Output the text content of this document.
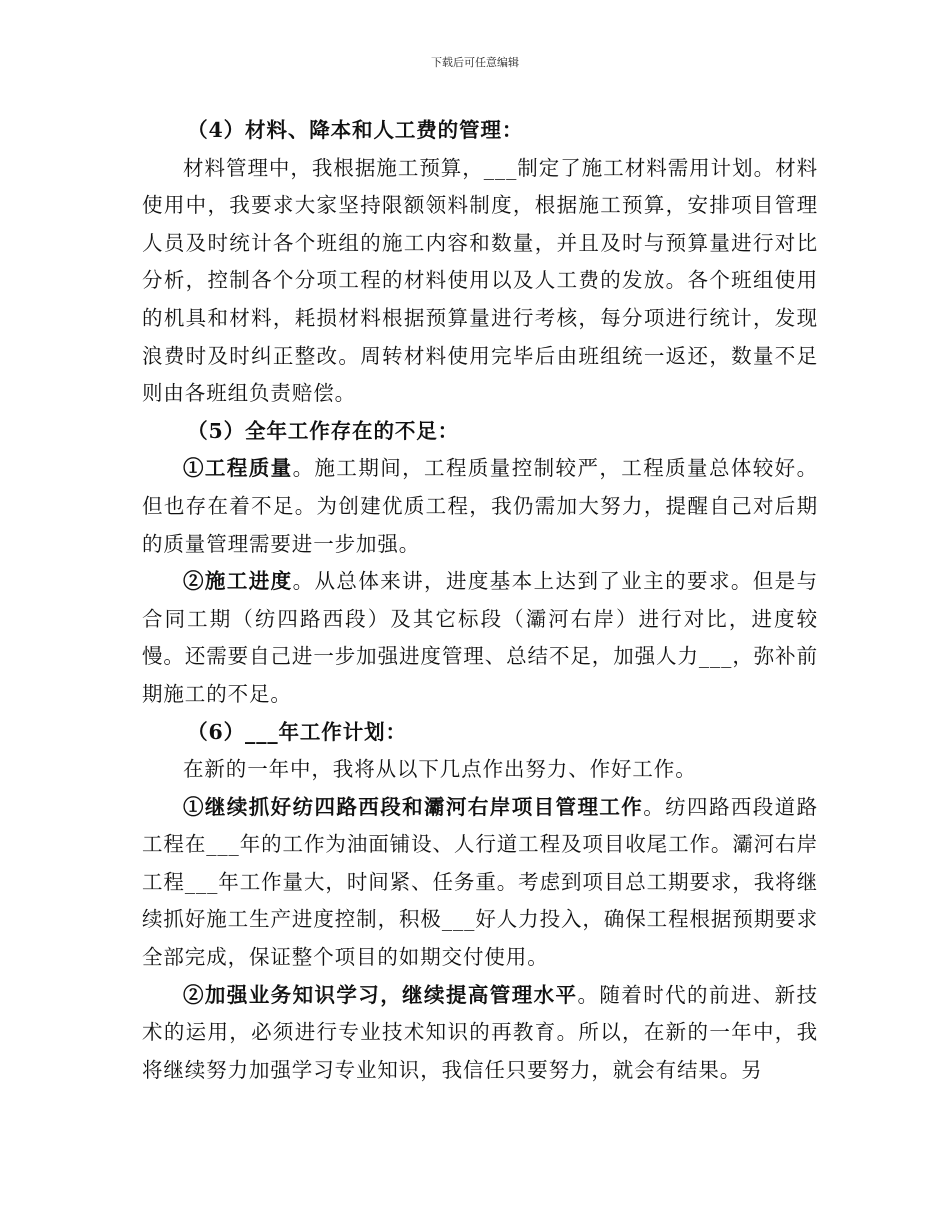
下载后可任意编辑

（4）材料、降本和人工费的管理：

材料管理中，我根据施工预算，___制定了施工材料需用计划。材料使用中，我要求大家坚持限额领料制度，根据施工预算，安排项目管理人员及时统计各个班组的施工内容和数量，并且及时与预算量进行对比分析，控制各个分项工程的材料使用以及人工费的发放。各个班组使用的机具和材料，耗损材料根据预算量进行考核，每分项进行统计，发现浪费时及时纠正整改。周转材料使用完毕后由班组统一返还，数量不足则由各班组负责赔偿。

（5）全年工作存在的不足：

①工程质量。施工期间，工程质量控制较严，工程质量总体较好。但也存在着不足。为创建优质工程，我仍需加大努力，提醒自己对后期的质量管理需要进一步加强。

②施工进度。从总体来讲，进度基本上达到了业主的要求。但是与合同工期（纺四路西段）及其它标段（灞河右岸）进行对比，进度较慢。还需要自己进一步加强进度管理、总结不足，加强人力___，弥补前期施工的不足。

（6）___年工作计划：

在新的一年中，我将从以下几点作出努力、作好工作。

①继续抓好纺四路西段和灞河右岸项目管理工作。纺四路西段道路工程在___年的工作为油面铺设、人行道工程及项目收尾工作。灞河右岸工程___年工作量大，时间紧、任务重。考虑到项目总工期要求，我将继续抓好施工生产进度控制，积极___好人力投入，确保工程根据预期要求全部完成，保证整个项目的如期交付使用。

②加强业务知识学习，继续提高管理水平。随着时代的前进、新技术的运用，必须进行专业技术知识的再教育。所以，在新的一年中，我将继续努力加强学习专业知识，我信任只要努力，就会有结果。另
